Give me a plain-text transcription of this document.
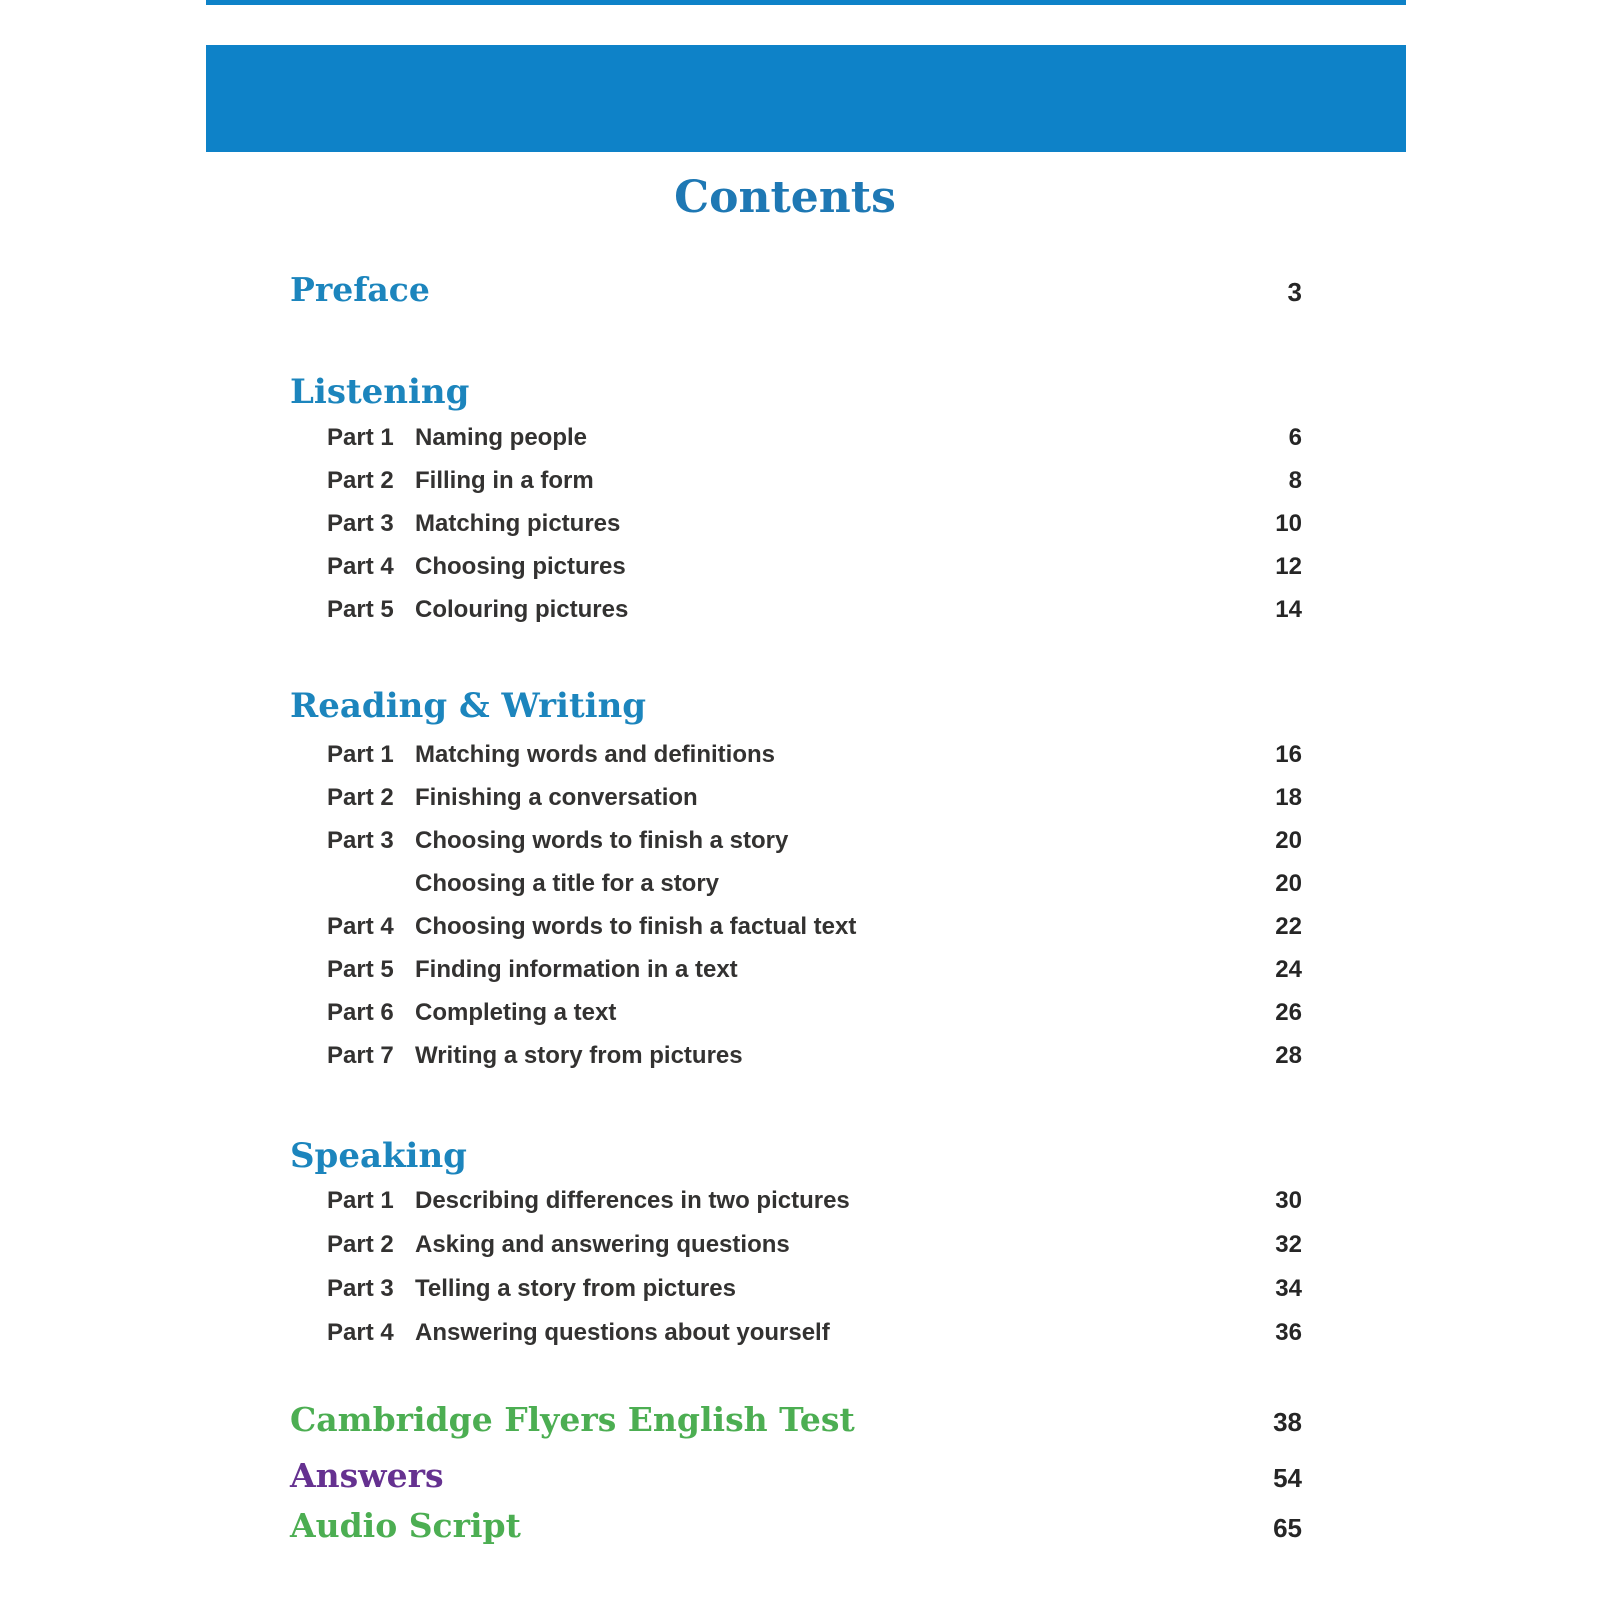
Contents
Preface	3
Listening
Part 1 Naming people	6
Part 2 Filling in a form	8
Part 3 Matching pictures	10
Part 4 Choosing pictures	12
Part 5 Colouring pictures	14
Reading & Writing
Part 1 Matching words and definitions	16
Part 2 Finishing a conversation	18
Part 3 Choosing words to finish a story	20
Choosing a title for a story	20
Part 4 Choosing words to finish a factual text	22
Part 5 Finding information in a text	24
Part 6 Completing a text	26
Part 7 Writing a story from pictures	28
Speaking
Part 1 Describing differences in two pictures	30
Part 2 Asking and answering questions	32
Part 3 Telling a story from pictures	34
Part 4 Answering questions about yourself	36
Cambridge Flyers English Test	38
Answers	54
Audio Script	65
